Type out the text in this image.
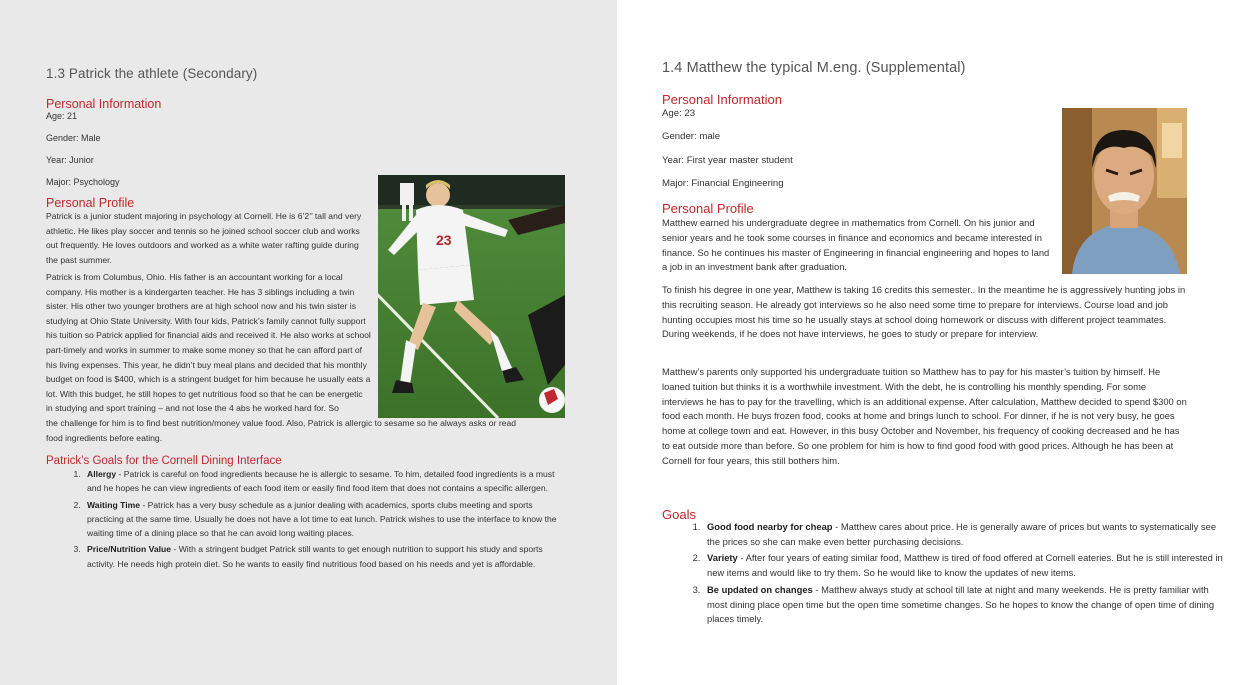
1.3 Patrick the athlete (Secondary)
Personal Information
Age: 21
Gender: Male
Year: Junior
Major: Psychology
Personal Profile

Patrick is a junior student majoring in psychology at Cornell. He is 6’2’’ tall and very athletic. He likes play soccer and tennis so he joined school soccer club and works out frequently. He loves outdoors and worked as a white water rafting guide during the past summer.

Patrick is from Columbus, Ohio. His father is an accountant working for a local company. His mother is a kindergarten teacher. He has 3 siblings including a twin sister. His other two younger brothers are at high school now and his twin sister is studying at Ohio State University. With four kids, Patrick’s family cannot fully support his tuition so Patrick applied for financial aids and received it. He also works at school part-timely and works in summer to make some money so that he can afford part of his living expenses. This year, he didn’t buy meal plans and decided that his monthly budget on food is $400, which is a stringent budget for him because he usually eats a lot. With this budget, he still hopes to get nutritious food so that he can be energetic in studying and sport training – and not lose the 4 abs he worked hard for. So

the challenge for him is to find best nutrition/money value food. Also, Patrick is allergic to sesame so he always asks or read food ingredients before eating.

23
Patrick’s Goals for the Cornell Dining Interface
1. Allergy - Patrick is careful on food ingredients because he is allergic to sesame. To him, detailed food ingredients is a must and he hopes he can view ingredients of each food item or easily find food item that does not contains a specific allergen.
2. Waiting Time - Patrick has a very busy schedule as a junior dealing with academics, sports clubs meeting and sports practicing at the same time. Usually he does not have a lot time to eat lunch. Patrick wishes to use the interface to know the waiting time of a dining place so that he can avoid long waiting places.
3. Price/Nutrition Value - With a stringent budget Patrick still wants to get enough nutrition to support his study and sports activity. He needs high protein diet. So he wants to easily find nutritious food based on his needs and yet is affordable.
1.4 Matthew the typical M.eng. (Supplemental)
Personal Information
Age: 23
Gender: male
Year: First year master student
Major: Financial Engineering
Personal Profile

Matthew earned his undergraduate degree in mathematics from Cornell. On his junior and senior years and he took some courses in finance and economics and became interested in finance. So he continues his master of Engineering in financial engineering and hopes to land a job in an investment bank after graduation.

To finish his degree in one year, Matthew is taking 16 credits this semester.. In the meantime he is aggressively hunting jobs in this recruiting season. He already got interviews so he also need some time to prepare for interviews. Course load and job hunting occupies most his time so he usually stays at school doing homework or discuss with different project teammates. During weekends, if he does not have interviews, he goes to study or prepare for interview.

Matthew’s parents only supported his undergraduate tuition so Matthew has to pay for his master’s tuition by himself. He loaned tuition but thinks it is a worthwhile investment. With the debt, he is controlling his monthly spending. For some interviews he has to pay for the travelling, which is an additional expense. After calculation, Matthew decided to spend $300 on food each month. He buys frozen food, cooks at home and brings lunch to school. For dinner, if he is not very busy, he goes home at college town and eat. However, in this busy October and November, his frequency of cooking decreased and he has to eat outside more than before. So one problem for him is how to find good food with good prices. Although he has been at Cornell for four years, this still bothers him.

Goals
1. Good food nearby for cheap - Matthew cares about price. He is generally aware of prices but wants to systematically see the prices so she can make even better purchasing decisions.
2. Variety - After four years of eating similar food, Matthew is tired of food offered at Cornell eateries. But he is still interested in new items and would like to try them. So he would like to know the updates of new items.
3. Be updated on changes - Matthew always study at school till late at night and many weekends. He is pretty familiar with most dining place open time but the open time sometime changes. So he hopes to know the change of open time of dining places timely.
